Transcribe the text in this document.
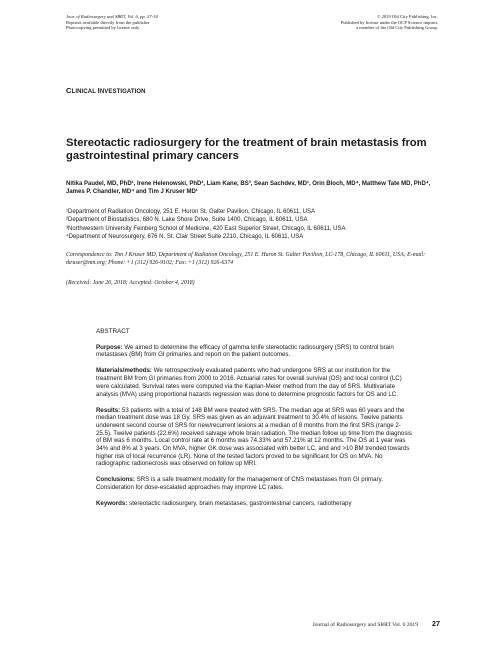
Jour. of Radiosurgery and SBRT, Vol. 6, pp. 27-34
Reprints available directly from the publisher
Photocopying permitted by license only
© 2019 Old City Publishing, Inc.
Published by license under the OCP Science imprint,
a member of the Old City Publishing Group.
CLINICAL INVESTIGATION
Stereotactic radiosurgery for the treatment of brain metastasis from gastrointestinal primary cancers
Nitika Paudel, MD, PhD¹, Irene Helenowski, PhD², Liam Kane, BS³, Sean Sachdev, MD¹, Orin Bloch, MD⁴, Matthew Tate MD, PhD⁴, James P. Chandler, MD⁴ and Tim J Kruser MD¹
¹Department of Radiation Oncology, 251 E. Huron St. Galter Pavilion, Chicago, IL 60611, USA
²Department of Biostatistics, 680 N. Lake Shore Drive, Suite 1400, Chicago, IL 60611, USA
³Northwestern University Feinberg School of Medicine, 420 East Superior Street, Chicago, IL 60611, USA
⁴Department of Neurosurgery, 676 N. St. Clair Street Suite 2210, Chicago, IL 60611, USA
Correspondence to: Tim J Kruser MD, Department of Radiation Oncology, 251 E. Huron St. Galter Pavilion, LC-178, Chicago, IL 60611, USA; E-mail: tkruser@nm.org; Phone: +1 (312) 926-9102; Fax: +1 (312) 926-6374
(Received: June 26, 2018; Accepted: October 4, 2018)
ABSTRACT

Purpose: We aimed to determine the efficacy of gamma knife stereotactic radiosurgery (SRS) to control brain metastases (BM) from GI primaries and report on the patient outcomes.

Materials/methods: We retrospectively evaluated patients who had undergone SRS at our institution for the treatment BM from GI primaries from 2000 to 2016. Actuarial rates for overall survival (OS) and local control (LC) were calculated. Survival rates were computed via the Kaplan-Meier method from the day of SRS. Multivariate analysis (MVA) using proportional hazards regression was done to determine prognostic factors for OS and LC.

Results: 53 patients with a total of 148 BM were treated with SRS. The median age at SRS was 60 years and the median treatment dose was 18 Gy. SRS was given as an adjuvant treatment to 30.4% of lesions. Twelve patients underwent second course of SRS for new/recurrent lesions at a median of 8 months from the first SRS (range 2-25.5). Twelve patients (22.6%) received salvage whole brain radiation. The median follow up time from the diagnosis of BM was 6 months. Local control rate at 6 months was 74.33% and 57.21% at 12 months. The OS at 1 year was 34% and 8% at 3 years. On MVA, higher GK dose was associated with better LC, and and >10 BM trended towards higher risk of local recurrence (LR). None of the tested factors proved to be significant for OS on MVA. No radiographic radionecrosis was observed on follow up MRI.

Conclusions: SRS is a safe treatment modality for the management of CNS metastases from GI primary. Consideration for dose-escalated approaches may improve LC rates.

Keywords: stereotactic radiosurgery, brain metastases, gastrointestinal cancers, radiotherapy

Journal of Radiosurgery and SBRT Vol. 6 2019 27
